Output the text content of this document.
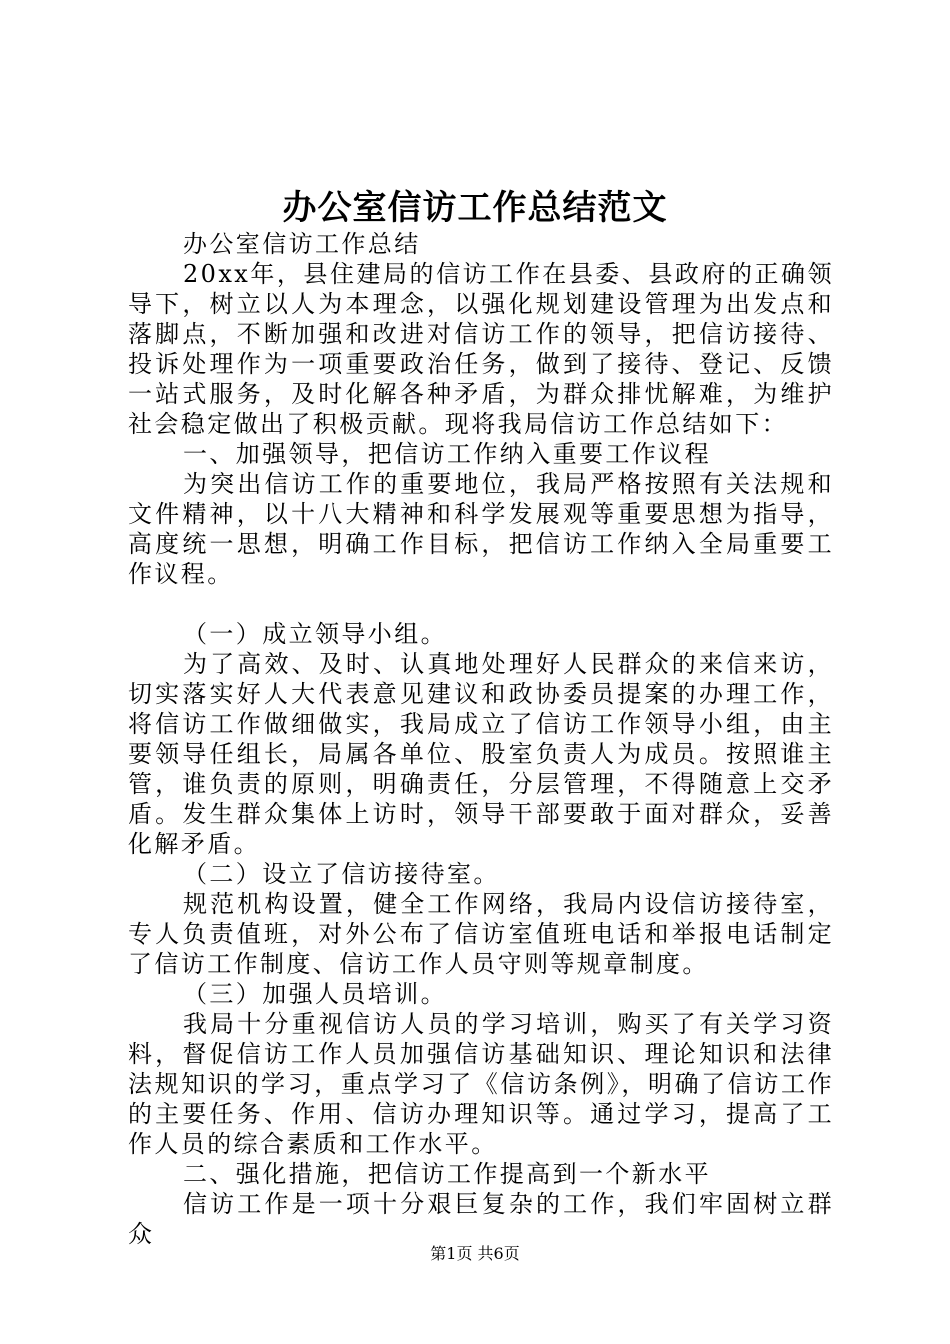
办公室信访工作总结范文

办公室信访工作总结

20xx年，县住建局的信访工作在县委、县政府的正确领导下，树立以人为本理念，以强化规划建设管理为出发点和落脚点，不断加强和改进对信访工作的领导，把信访接待、投诉处理作为一项重要政治任务，做到了接待、登记、反馈一站式服务，及时化解各种矛盾，为群众排忧解难，为维护社会稳定做出了积极贡献。现将我局信访工作总结如下：

一、加强领导，把信访工作纳入重要工作议程

为突出信访工作的重要地位，我局严格按照有关法规和文件精神，以十八大精神和科学发展观等重要思想为指导，高度统一思想，明确工作目标，把信访工作纳入全局重要工作议程。

（一）成立领导小组。

为了高效、及时、认真地处理好人民群众的来信来访，切实落实好人大代表意见建议和政协委员提案的办理工作，将信访工作做细做实，我局成立了信访工作领导小组，由主要领导任组长，局属各单位、股室负责人为成员。按照谁主管，谁负责的原则，明确责任，分层管理，不得随意上交矛盾。发生群众集体上访时，领导干部要敢于面对群众，妥善化解矛盾。

（二）设立了信访接待室。

规范机构设置，健全工作网络，我局内设信访接待室，专人负责值班，对外公布了信访室值班电话和举报电话制定了信访工作制度、信访工作人员守则等规章制度。

（三）加强人员培训。

我局十分重视信访人员的学习培训，购买了有关学习资料，督促信访工作人员加强信访基础知识、理论知识和法律法规知识的学习，重点学习了《信访条例》，明确了信访工作的主要任务、作用、信访办理知识等。通过学习，提高了工作人员的综合素质和工作水平。

二、强化措施，把信访工作提高到一个新水平

信访工作是一项十分艰巨复杂的工作，我们牢固树立群众

第1页 共6页
